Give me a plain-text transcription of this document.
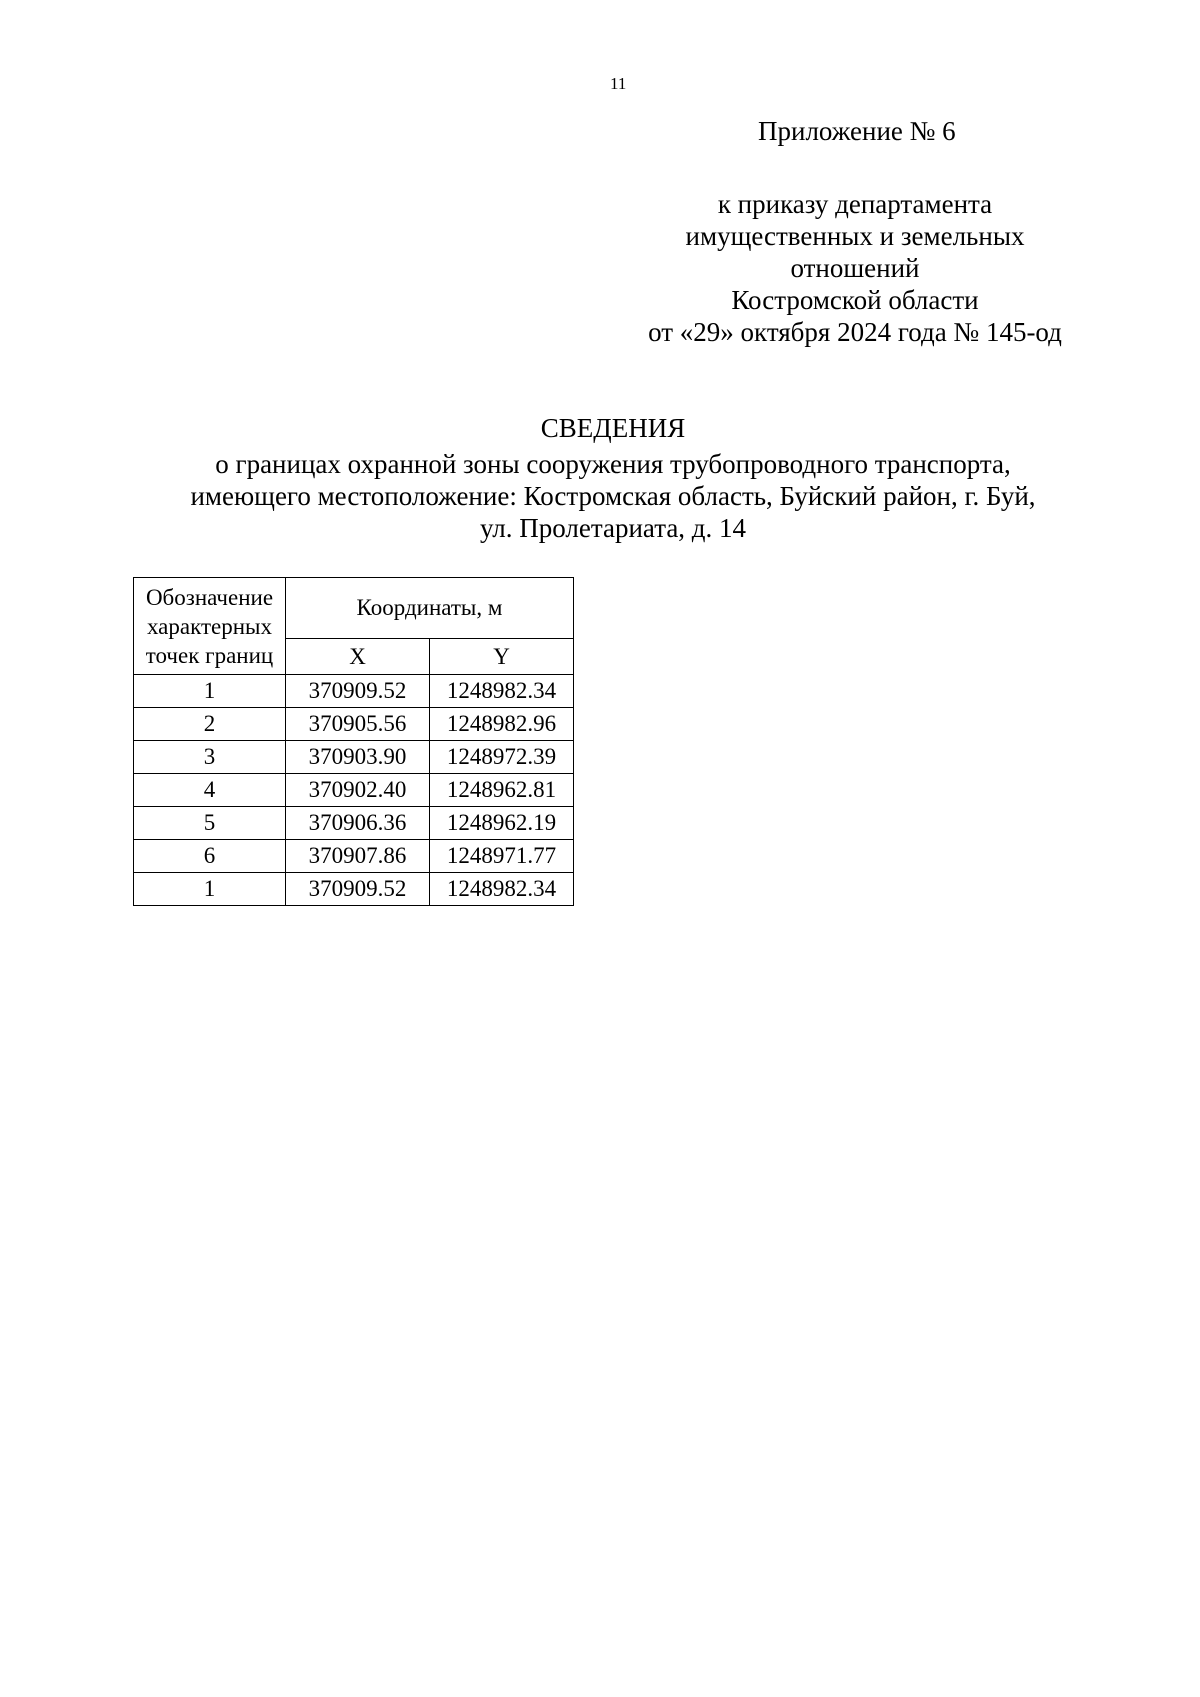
11
Приложение № 6
к приказу департамента
имущественных и земельных
отношений
Костромской области
от «29» октября 2024 года № 145-од
СВЕДЕНИЯ
о границах охранной зоны сооружения трубопроводного транспорта,
имеющего местоположение: Костромская область, Буйский район, г. Буй,
ул. Пролетариата, д. 14
Обозначение
характерных
точек границ	Координаты, м	
	X	Y
1	370909.52	1248982.34
2	370905.56	1248982.96
3	370903.90	1248972.39
4	370902.40	1248962.81
5	370906.36	1248962.19
6	370907.86	1248971.77
1	370909.52	1248982.34
